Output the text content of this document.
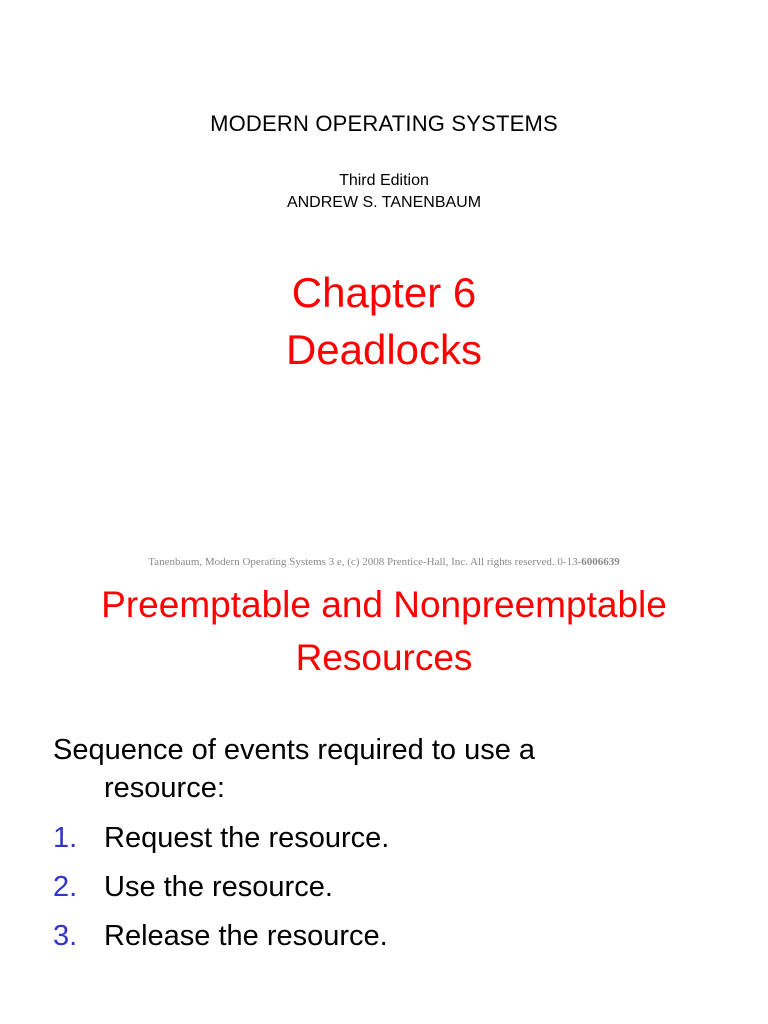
MODERN OPERATING SYSTEMS
Third Edition
ANDREW S. TANENBAUM
Chapter 6
Deadlocks
Tanenbaum, Modern Operating Systems 3 e, (c) 2008 Prentice-Hall, Inc. All rights reserved. 0-13-6006639
Preemptable and Nonpreemptable
Resources
Sequence of events required to use a
resource:
1. Request the resource.
2. Use the resource.
3. Release the resource.
